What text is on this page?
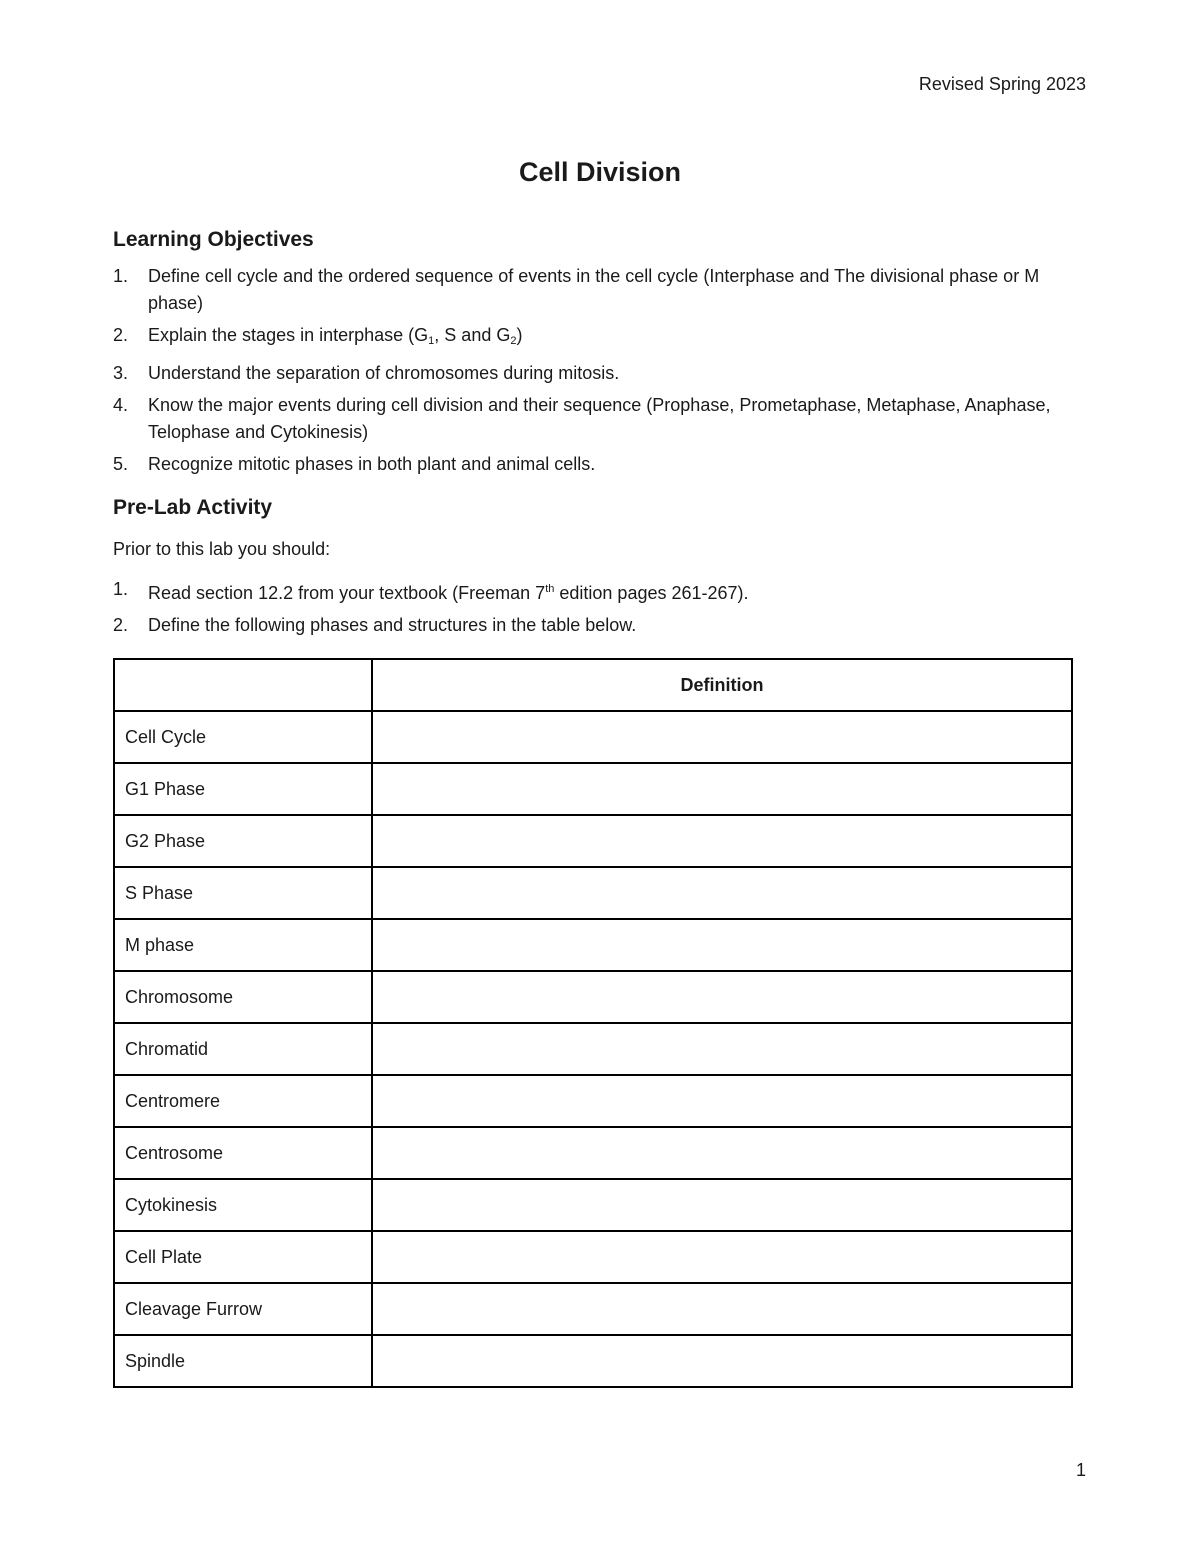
Revised Spring 2023
Cell Division
Learning Objectives
1. Define cell cycle and the ordered sequence of events in the cell cycle (Interphase and The divisional phase or M phase)
2. Explain the stages in interphase ($G_1$, S and $G_2$)
3. Understand the separation of chromosomes during mitosis.
4. Know the major events during cell division and their sequence (Prophase, Prometaphase, Metaphase, Anaphase, Telophase and Cytokinesis)
5. Recognize mitotic phases in both plant and animal cells.
Pre-Lab Activity
Prior to this lab you should:
1. Read section 12.2 from your textbook (Freeman 7th edition pages 261-267).
2. Define the following phases and structures in the table below.
	Definition
Cell Cycle	
G1 Phase	
G2 Phase	
S Phase	
M phase	
Chromosome	
Chromatid	
Centromere	
Centrosome	
Cytokinesis	
Cell Plate	
Cleavage Furrow	
Spindle	
1
